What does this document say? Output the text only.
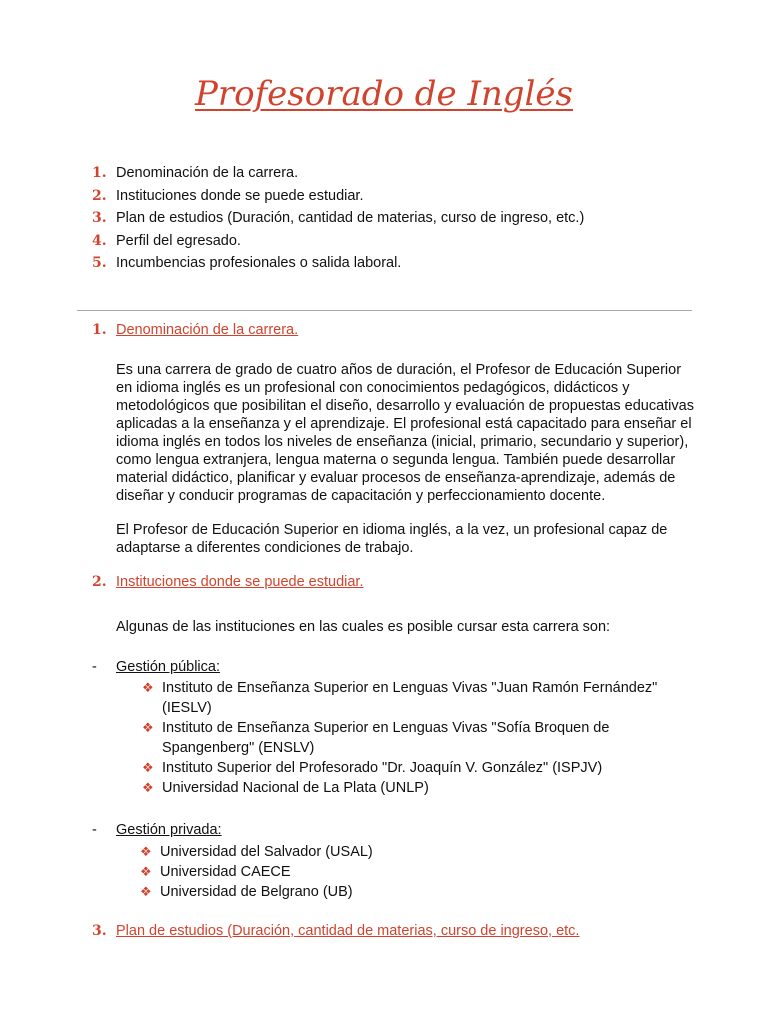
Profesorado de Inglés
1. Denominación de la carrera.
2. Instituciones donde se puede estudiar.
3. Plan de estudios (Duración, cantidad de materias, curso de ingreso, etc.)
4. Perfil del egresado.
5. Incumbencias profesionales o salida laboral.
1. Denominación de la carrera.

Es una carrera de grado de cuatro años de duración, el Profesor de Educación Superior en idioma inglés es un profesional con conocimientos pedagógicos, didácticos y metodológicos que posibilitan el diseño, desarrollo y evaluación de propuestas educativas aplicadas a la enseñanza y el aprendizaje. El profesional está capacitado para enseñar el idioma inglés en todos los niveles de enseñanza (inicial, primario, secundario y superior), como lengua extranjera, lengua materna o segunda lengua. También puede desarrollar material didáctico, planificar y evaluar procesos de enseñanza-aprendizaje, además de diseñar y conducir programas de capacitación y perfeccionamiento docente.

El Profesor de Educación Superior en idioma inglés, a la vez, un profesional capaz de adaptarse a diferentes condiciones de trabajo.

2. Instituciones donde se puede estudiar.

Algunas de las instituciones en las cuales es posible cursar esta carrera son:

- Gestión pública:
❖ Instituto de Enseñanza Superior en Lenguas Vivas "Juan Ramón Fernández" (IESLV)
❖ Instituto de Enseñanza Superior en Lenguas Vivas "Sofía Broquen de Spangenberg" (ENSLV)
❖ Instituto Superior del Profesorado "Dr. Joaquín V. González" (ISPJV)
❖ Universidad Nacional de La Plata (UNLP)
- Gestión privada:
❖ Universidad del Salvador (USAL)
❖ Universidad CAECE
❖ Universidad de Belgrano (UB)
3. Plan de estudios (Duración, cantidad de materias, curso de ingreso, etc.
